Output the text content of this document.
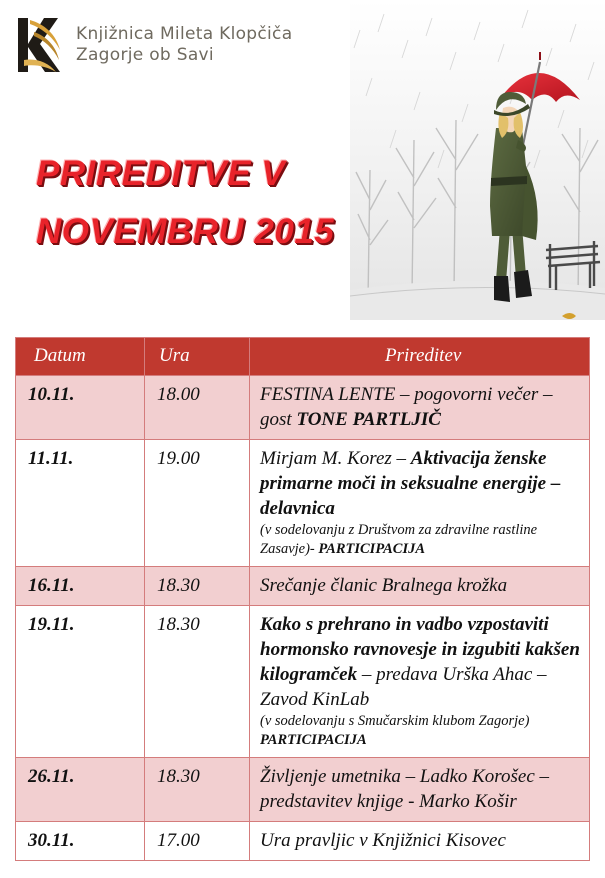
Knjižnica Mileta Klopčiča
Zagorje ob Savi
PRIREDITVE V
NOVEMBRU 2015
Datum	Ura	Prireditev
10.11.	18.00	FESTINA LENTE – pogovorni večer – gost TONE PARTLJIČ
11.11.	19.00	Mirjam M. Korez – Aktivacija ženske primarne moči in seksualne energije – delavnica
(v sodelovanju z Društvom za zdravilne rastline Zasavje)- PARTICIPACIJA

16.11.	18.30	Srečanje članic Bralnega krožka
19.11.	18.30	Kako s prehrano in vadbo vzpostaviti hormonsko ravnovesje in izgubiti kakšen kilogramček – predava Urška Ahac – Zavod KinLab
(v sodelovanju s Smučarskim klubom Zagorje)
PARTICIPACIJA

26.11.	18.30	Življenje umetnika – Ladko Korošec – predstavitev knjige - Marko Košir
30.11.	17.00	Ura pravljic v Knjižnici Kisovec
